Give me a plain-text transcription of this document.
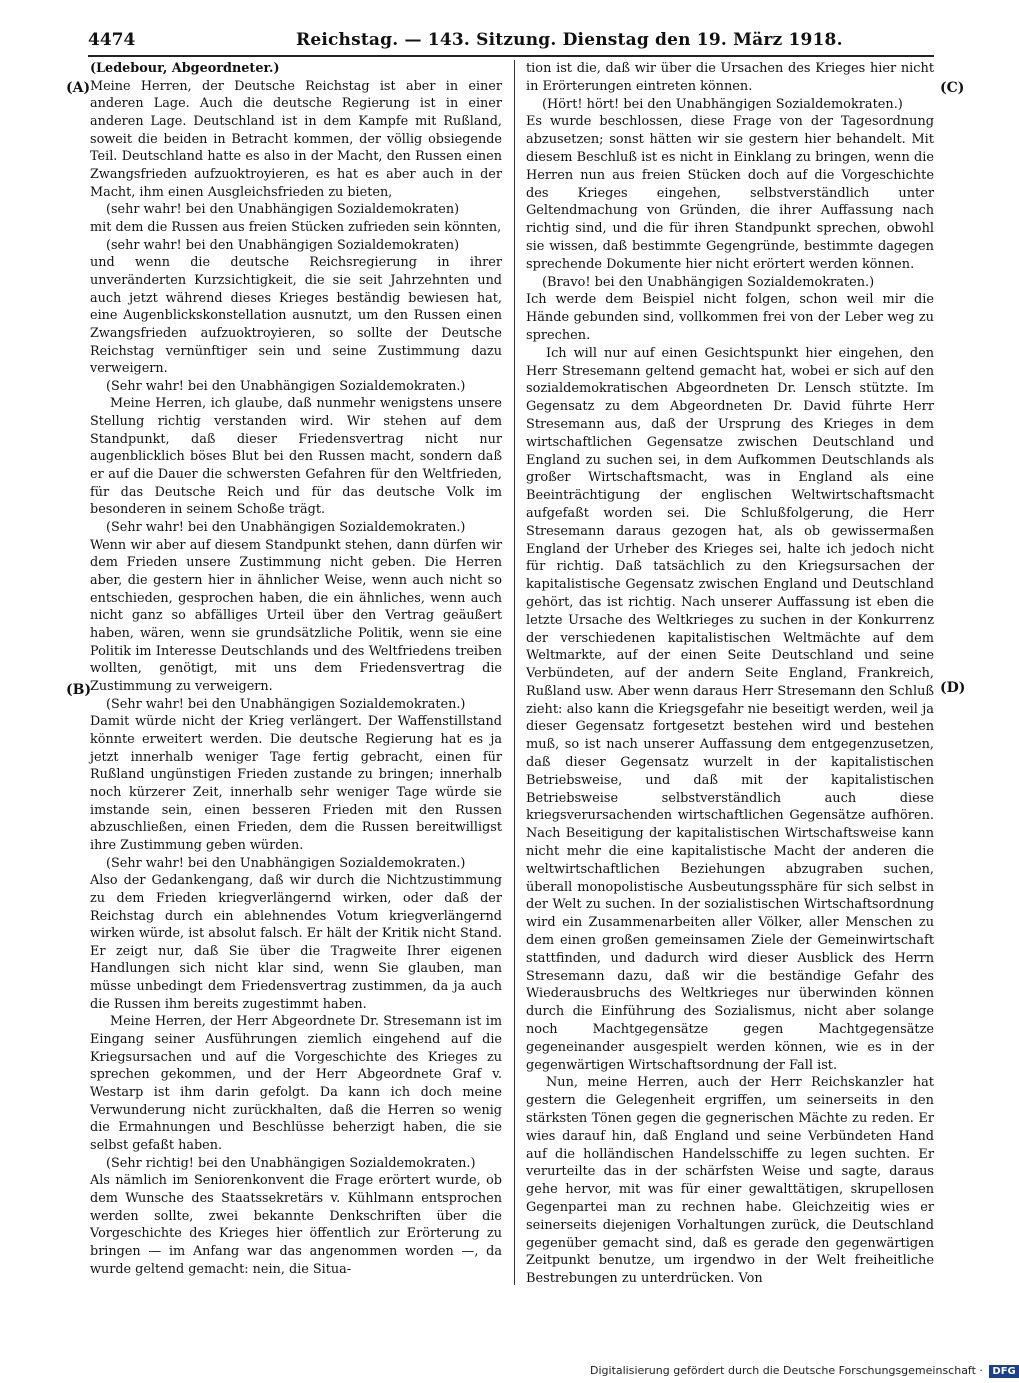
4474	Reichstag. — 143. Sitzung. Dienstag den 19. März 1918.
(A)
(B)
(C)
(D)

(Ledebour, Abgeordneter.)

Meine Herren, der Deutsche Reichstag ist aber in einer anderen Lage. Auch die deutsche Regierung ist in einer anderen Lage. Deutschland ist in dem Kampfe mit Rußland, soweit die beiden in Betracht kommen, der völlig obsiegende Teil. Deutschland hatte es also in der Macht, den Russen einen Zwangsfrieden aufzuoktroyieren, es hat es aber auch in der Macht, ihm einen Ausgleichsfrieden zu bieten,

(sehr wahr! bei den Unabhängigen Sozialdemokraten)

mit dem die Russen aus freien Stücken zufrieden sein könnten,

(sehr wahr! bei den Unabhängigen Sozialdemokraten)

und wenn die deutsche Reichsregierung in ihrer unveränderten Kurzsichtigkeit, die sie seit Jahrzehnten und auch jetzt während dieses Krieges beständig bewiesen hat, eine Augenblickskonstellation ausnutzt, um den Russen einen Zwangsfrieden aufzuoktroyieren, so sollte der Deutsche Reichstag vernünftiger sein und seine Zustimmung dazu verweigern.

(Sehr wahr! bei den Unabhängigen Sozialdemokraten.)

Meine Herren, ich glaube, daß nunmehr wenigstens unsere Stellung richtig verstanden wird. Wir stehen auf dem Standpunkt, daß dieser Friedensvertrag nicht nur augenblicklich böses Blut bei den Russen macht, sondern daß er auf die Dauer die schwersten Gefahren für den Weltfrieden, für das Deutsche Reich und für das deutsche Volk im besonderen in seinem Schoße trägt.

(Sehr wahr! bei den Unabhängigen Sozialdemokraten.)

Wenn wir aber auf diesem Standpunkt stehen, dann dürfen wir dem Frieden unsere Zustimmung nicht geben. Die Herren aber, die gestern hier in ähnlicher Weise, wenn auch nicht so entschieden, gesprochen haben, die ein ähnliches, wenn auch nicht ganz so abfälliges Urteil über den Vertrag geäußert haben, wären, wenn sie grundsätzliche Politik, wenn sie eine Politik im Interesse Deutschlands und des Weltfriedens treiben wollten, genötigt, mit uns dem Friedensvertrag die Zustimmung zu verweigern.

(Sehr wahr! bei den Unabhängigen Sozialdemokraten.)

Damit würde nicht der Krieg verlängert. Der Waffenstillstand könnte erweitert werden. Die deutsche Regierung hat es ja jetzt innerhalb weniger Tage fertig gebracht, einen für Rußland ungünstigen Frieden zustande zu bringen; innerhalb noch kürzerer Zeit, innerhalb sehr weniger Tage würde sie imstande sein, einen besseren Frieden mit den Russen abzuschließen, einen Frieden, dem die Russen bereitwilligst ihre Zustimmung geben würden.

(Sehr wahr! bei den Unabhängigen Sozialdemokraten.)

Also der Gedankengang, daß wir durch die Nichtzustimmung zu dem Frieden kriegverlängernd wirken, oder daß der Reichstag durch ein ablehnendes Votum kriegverlängernd wirken würde, ist absolut falsch. Er hält der Kritik nicht Stand. Er zeigt nur, daß Sie über die Tragweite Ihrer eigenen Handlungen sich nicht klar sind, wenn Sie glauben, man müsse unbedingt dem Friedensvertrag zustimmen, da ja auch die Russen ihm bereits zugestimmt haben.

Meine Herren, der Herr Abgeordnete Dr. Stresemann ist im Eingang seiner Ausführungen ziemlich eingehend auf die Kriegsursachen und auf die Vorgeschichte des Krieges zu sprechen gekommen, und der Herr Abgeordnete Graf v. Westarp ist ihm darin gefolgt. Da kann ich doch meine Verwunderung nicht zurückhalten, daß die Herren so wenig die Ermahnungen und Beschlüsse beherzigt haben, die sie selbst gefaßt haben.

(Sehr richtig! bei den Unabhängigen Sozialdemokraten.)

Als nämlich im Seniorenkonvent die Frage erörtert wurde, ob dem Wunsche des Staatssekretärs v. Kühlmann entsprochen werden sollte, zwei bekannte Denkschriften über die Vorgeschichte des Krieges hier öffentlich zur Erörterung zu bringen — im Anfang war das angenommen worden —, da wurde geltend gemacht: nein, die Situa-

tion ist die, daß wir über die Ursachen des Krieges hier nicht in Erörterungen eintreten können.

(Hört! hört! bei den Unabhängigen Sozialdemokraten.)

Es wurde beschlossen, diese Frage von der Tagesordnung abzusetzen; sonst hätten wir sie gestern hier behandelt. Mit diesem Beschluß ist es nicht in Einklang zu bringen, wenn die Herren nun aus freien Stücken doch auf die Vorgeschichte des Krieges eingehen, selbstverständlich unter Geltendmachung von Gründen, die ihrer Auffassung nach richtig sind, und die für ihren Standpunkt sprechen, obwohl sie wissen, daß bestimmte Gegengründe, bestimmte dagegen sprechende Dokumente hier nicht erörtert werden können.

(Bravo! bei den Unabhängigen Sozialdemokraten.)

Ich werde dem Beispiel nicht folgen, schon weil mir die Hände gebunden sind, vollkommen frei von der Leber weg zu sprechen.

Ich will nur auf einen Gesichtspunkt hier eingehen, den Herr Stresemann geltend gemacht hat, wobei er sich auf den sozialdemokratischen Abgeordneten Dr. Lensch stützte. Im Gegensatz zu dem Abgeordneten Dr. David führte Herr Stresemann aus, daß der Ursprung des Krieges in dem wirtschaftlichen Gegensatze zwischen Deutschland und England zu suchen sei, in dem Aufkommen Deutschlands als großer Wirtschaftsmacht, was in England als eine Beeinträchtigung der englischen Weltwirtschaftsmacht aufgefaßt worden sei. Die Schlußfolgerung, die Herr Stresemann daraus gezogen hat, als ob gewissermaßen England der Urheber des Krieges sei, halte ich jedoch nicht für richtig. Daß tatsächlich zu den Kriegsursachen der kapitalistische Gegensatz zwischen England und Deutschland gehört, das ist richtig. Nach unserer Auffassung ist eben die letzte Ursache des Weltkrieges zu suchen in der Konkurrenz der verschiedenen kapitalistischen Weltmächte auf dem Weltmarkte, auf der einen Seite Deutschland und seine Verbündeten, auf der andern Seite England, Frankreich, Rußland usw. Aber wenn daraus Herr Stresemann den Schluß zieht: also kann die Kriegsgefahr nie beseitigt werden, weil ja dieser Gegensatz fortgesetzt bestehen wird und bestehen muß, so ist nach unserer Auffassung dem entgegenzusetzen, daß dieser Gegensatz wurzelt in der kapitalistischen Betriebsweise, und daß mit der kapitalistischen Betriebsweise selbstverständlich auch diese kriegsverursachenden wirtschaftlichen Gegensätze aufhören. Nach Beseitigung der kapitalistischen Wirtschaftsweise kann nicht mehr die eine kapitalistische Macht der anderen die weltwirtschaftlichen Beziehungen abzugraben suchen, überall monopolistische Ausbeutungssphäre für sich selbst in der Welt zu suchen. In der sozialistischen Wirtschaftsordnung wird ein Zusammenarbeiten aller Völker, aller Menschen zu dem einen großen gemeinsamen Ziele der Gemeinwirtschaft stattfinden, und dadurch wird dieser Ausblick des Herrn Stresemann dazu, daß wir die beständige Gefahr des Wiederausbruchs des Weltkrieges nur überwinden können durch die Einführung des Sozialismus, nicht aber solange noch Machtgegensätze gegen Machtgegensätze gegeneinander ausgespielt werden können, wie es in der gegenwärtigen Wirtschaftsordnung der Fall ist.

Nun, meine Herren, auch der Herr Reichskanzler hat gestern die Gelegenheit ergriffen, um seinerseits in den stärksten Tönen gegen die gegnerischen Mächte zu reden. Er wies darauf hin, daß England und seine Verbündeten Hand auf die holländischen Handelsschiffe zu legen suchten. Er verurteilte das in der schärfsten Weise und sagte, daraus gehe hervor, mit was für einer gewalttätigen, skrupellosen Gegenpartei man zu rechnen habe. Gleichzeitig wies er seinerseits diejenigen Vorhaltungen zurück, die Deutschland gegenüber gemacht sind, daß es gerade den gegenwärtigen Zeitpunkt benutze, um irgendwo in der Welt freiheitliche Bestrebungen zu unterdrücken. Von

Digitalisierung gefördert durch die Deutsche Forschungsgemeinschaft · DFG
